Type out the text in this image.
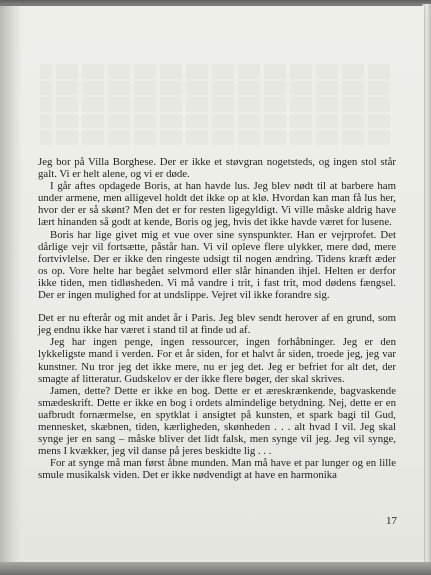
Jeg bor på Villa Borghese. Der er ikke et støvgran nogetsteds, og ingen stol står galt. Vi er helt alene, og vi er døde.

I går aftes opdagede Boris, at han havde lus. Jeg blev nødt til at barbere ham under armene, men alligevel holdt det ikke op at klø. Hvordan kan man få lus her, hvor der er så skønt? Men det er for resten ligegyldigt. Vi ville måske aldrig have lært hinanden så godt at kende, Boris og jeg, hvis det ikke havde været for lusene.

Boris har lige givet mig et vue over sine synspunkter. Han er vejrprofet. Det dårlige vejr vil fortsætte, påstår han. Vi vil opleve flere ulykker, mere død, mere fortvivlelse. Der er ikke den ringeste udsigt til nogen ændring. Tidens kræft æder os op. Vore helte har begået selvmord eller slår hinanden ihjel. Helten er derfor ikke tiden, men tidløsheden. Vi må vandre i trit, i fast trit, mod dødens fængsel. Der er ingen mulighed for at undslippe. Vejret vil ikke forandre sig.

Det er nu efterår og mit andet år i Paris. Jeg blev sendt herover af en grund, som jeg endnu ikke har været i stand til at finde ud af.

Jeg har ingen penge, ingen ressourcer, ingen forhåbninger. Jeg er den lykkeligste mand i verden. For et år siden, for et halvt år siden, troede jeg, jeg var kunstner. Nu tror jeg det ikke mere, nu er jeg det. Jeg er befriet for alt det, der smagte af litteratur. Gudskelov er der ikke flere bøger, der skal skrives.

Jamen, dette? Dette er ikke en bog. Dette er et æreskrænkende, bagvaskende smædeskrift. Dette er ikke en bog i ordets almindelige betydning. Nej, dette er en uafbrudt fornærmelse, en spytklat i ansigtet på kunsten, et spark bagi til Gud, mennesket, skæbnen, tiden, kærligheden, skønheden . . . alt hvad I vil. Jeg skal synge jer en sang – måske bliver det lidt falsk, men synge vil jeg. Jeg vil synge, mens I kvækker, jeg vil danse på jeres beskidte lig . . .

For at synge må man først åbne munden. Man må have et par lunger og en lille smule musikalsk viden. Det er ikke nødvendigt at have en harmonika

17
